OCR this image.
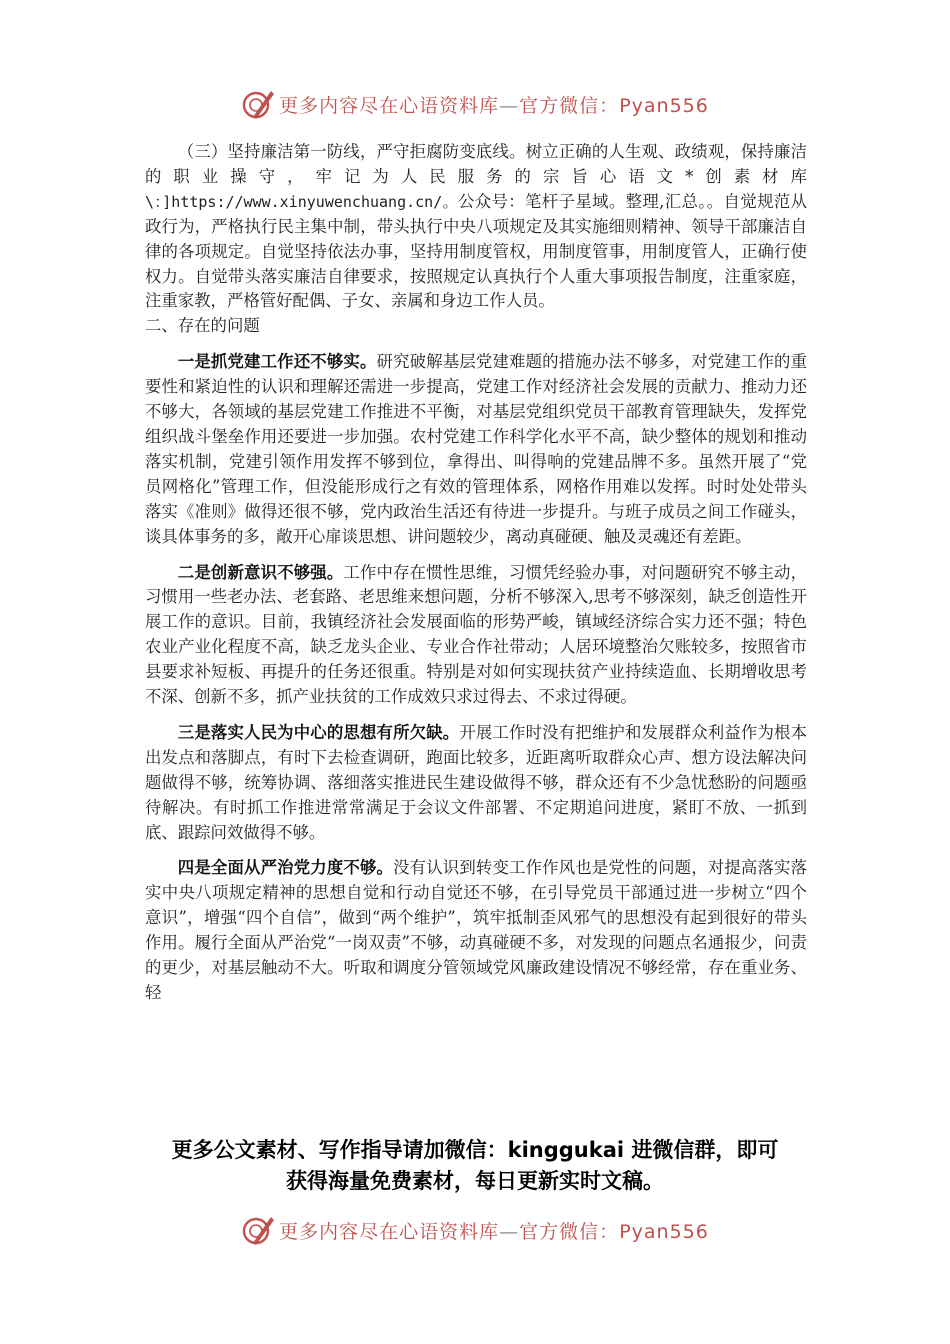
更多内容尽在心语资料库—官方微信：Pyan556

（三）坚持廉洁第一防线，严守拒腐防变底线。树立正确的人生观、政绩观，保持廉洁的职业操守，牢记为人民服务的宗旨心语文*创素材库\：]https://www.xinyuwenchuang.cn/。公众号：笔杆子星域。整理,汇总。。自觉规范从政行为，严格执行民主集中制，带头执行中央八项规定及其实施细则精神、领导干部廉洁自律的各项规定。自觉坚持依法办事，坚持用制度管权，用制度管事，用制度管人，正确行使权力。自觉带头落实廉洁自律要求，按照规定认真执行个人重大事项报告制度，注重家庭，注重家教，严格管好配偶、子女、亲属和身边工作人员。

二、存在的问题

一是抓党建工作还不够实。研究破解基层党建难题的措施办法不够多，对党建工作的重要性和紧迫性的认识和理解还需进一步提高，党建工作对经济社会发展的贡献力、推动力还不够大，各领域的基层党建工作推进不平衡，对基层党组织党员干部教育管理缺失，发挥党组织战斗堡垒作用还要进一步加强。农村党建工作科学化水平不高，缺少整体的规划和推动落实机制，党建引领作用发挥不够到位，拿得出、叫得响的党建品牌不多。虽然开展了“党员网格化”管理工作，但没能形成行之有效的管理体系，网格作用难以发挥。时时处处带头落实《准则》做得还很不够，党内政治生活还有待进一步提升。与班子成员之间工作碰头，谈具体事务的多，敞开心扉谈思想、讲问题较少，离动真碰硬、触及灵魂还有差距。

二是创新意识不够强。工作中存在惯性思维，习惯凭经验办事，对问题研究不够主动，习惯用一些老办法、老套路、老思维来想问题，分析不够深入,思考不够深刻，缺乏创造性开展工作的意识。目前，我镇经济社会发展面临的形势严峻，镇域经济综合实力还不强；特色农业产业化程度不高，缺乏龙头企业、专业合作社带动；人居环境整治欠账较多，按照省市县要求补短板、再提升的任务还很重。特别是对如何实现扶贫产业持续造血、长期增收思考不深、创新不多，抓产业扶贫的工作成效只求过得去、不求过得硬。

三是落实人民为中心的思想有所欠缺。开展工作时没有把维护和发展群众利益作为根本出发点和落脚点，有时下去检查调研，跑面比较多，近距离听取群众心声、想方设法解决问题做得不够，统筹协调、落细落实推进民生建设做得不够，群众还有不少急忧愁盼的问题亟待解决。有时抓工作推进常常满足于会议文件部署、不定期追问进度，紧盯不放、一抓到底、跟踪问效做得不够。

四是全面从严治党力度不够。没有认识到转变工作作风也是党性的问题，对提高落实落实中央八项规定精神的思想自觉和行动自觉还不够，在引导党员干部通过进一步树立“四个意识”，增强“四个自信”，做到“两个维护”，筑牢抵制歪风邪气的思想没有起到很好的带头作用。履行全面从严治党“一岗双责”不够，动真碰硬不多，对发现的问题点名通报少，问责的更少，对基层触动不大。听取和调度分管领域党风廉政建设情况不够经常，存在重业务、轻

更多公文素材、写作指导请加微信：kinggukai 进微信群，即可
获得海量免费素材，每日更新实时文稿。
更多内容尽在心语资料库—官方微信：Pyan556
